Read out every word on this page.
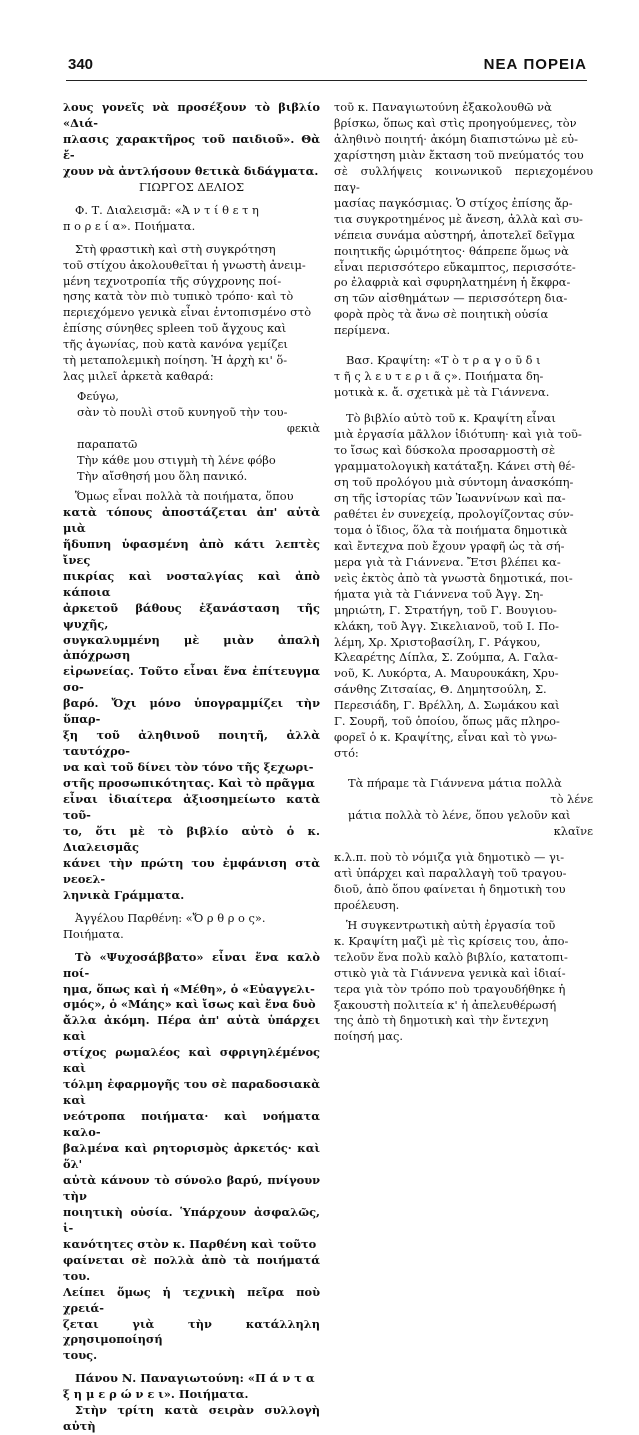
340	ΝΕΑ ΠΟΡΕΙΑ

λους γονεῖς νὰ προσέξουν τὸ βιβλίο «Διά-

πλασις χαρακτῆρος τοῦ παιδιοῦ». Θὰ ἔ-

χουν νὰ ἀντλήσουν θετικὰ διδάγματα.

ΓΙΩΡΓΟΣ ΔΕΛΙΟΣ

Φ. Τ. Διαλεισμᾶ: «Ἀ ν τ ί θ ε τ η

π ο ρ ε ί α». Ποιήματα.

Στὴ φραστικὴ καὶ στὴ συγκρότηση

τοῦ στίχου ἀκολουθεῖται ἡ γνωστὴ ἀνειμ-

μένη τεχνοτροπία τῆς σύγχρονης ποί-

ησης κατὰ τὸν πιὸ τυπικὸ τρόπο· καὶ τὸ

περιεχόμενο γενικὰ εἶναι ἐντοπισμένο στὸ

ἐπίσης σύνηθες spleen τοῦ ἄγχους καὶ

τῆς ἀγωνίας, ποὺ κατὰ κανόνα γεμίζει

τὴ μεταπολεμικὴ ποίηση. Ἡ ἀρχὴ κι' ὅ-

λας μιλεῖ ἀρκετὰ καθαρά:

Φεύγω,

σὰν τὸ πουλὶ στοῦ κυνηγοῦ τὴν του-

φεκιὰ

παραπατῶ

Τὴν κάθε μου στιγμὴ τὴ λένε φόβο

Τὴν αἴσθησή μου ὅλη πανικό.

Ὅμως εἶναι πολλὰ τὰ ποιήματα, ὅπου

κατὰ τόπους ἀποστάζεται ἀπ' αὐτὰ μιὰ

ἥδυπνη ὑφασμένη ἀπὸ κάτι λεπτὲς ἴνες

πικρίας καὶ νοσταλγίας καὶ ἀπὸ κάποια

ἀρκετοῦ βάθους ἐξανάσταση τῆς ψυχῆς,

συγκαλυμμένη μὲ μιὰν ἀπαλὴ ἀπόχρωση

εἰρωνείας. Τοῦτο εἶναι ἕνα ἐπίτευγμα σο-

βαρό. Ὄχι μόνο ὑπογραμμίζει τὴν ὕπαρ-

ξη τοῦ ἀληθινοῦ ποιητῆ, ἀλλὰ ταυτόχρο-

να καὶ τοῦ δίνει τὸν τόνο τῆς ξεχωρι-

στῆς προσωπικότητας. Καὶ τὸ πρᾶγμα

εἶναι ἰδιαίτερα ἀξιοσημείωτο κατὰ τοῦ-

το, ὅτι μὲ τὸ βιβλίο αὐτὸ ὁ κ. Διαλεισμᾶς

κάνει τὴν πρώτη του ἐμφάνιση στὰ νεοελ-

ληνικὰ Γράμματα.

Ἀγγέλου Παρθένη: «Ὄ ρ θ ρ ο ς».

Ποιήματα.

Τὸ «Ψυχοσάββατο» εἶναι ἕνα καλὸ ποί-

ημα, ὅπως καὶ ἡ «Μέθη», ὁ «Εὐαγγελι-

σμός», ὁ «Μάης» καὶ ἴσως καὶ ἕνα δυὸ

ἄλλα ἀκόμη. Πέρα ἀπ' αὐτὰ ὑπάρχει καὶ

στίχος ρωμαλέος καὶ σφριγηλέμένος καὶ

τόλμη ἐφαρμογῆς του σὲ παραδοσιακὰ καὶ

νεότροπα ποιήματα· καὶ νοήματα καλο-

βαλμένα καὶ ρητορισμὸς ἀρκετός· καὶ ὅλ'

αὐτὰ κάνουν τὸ σύνολο βαρύ, πνίγουν τὴν

ποιητικὴ οὐσία. Ὑπάρχουν ἀσφαλῶς, ἱ-

κανότητες στὸν κ. Παρθένη καὶ τοῦτο

φαίνεται σὲ πολλὰ ἀπὸ τὰ ποιήματά του.

Λείπει ὅμως ἡ τεχνικὴ πεῖρα ποὺ χρειά-

ζεται γιὰ τὴν κατάλληλη χρησιμοποίησή

τους.

Πάνου Ν. Παναγιωτούνη: «Π ά ν τ α

ξ η μ ε ρ ώ ν ε ι». Ποιήματα.

Στὴν τρίτη κατὰ σειρὰν συλλογὴ αὐτὴ

τοῦ κ. Παναγιωτούνη ἐξακολουθῶ νὰ

βρίσκω, ὅπως καὶ στὶς προηγούμενες, τὸν

ἀληθινὸ ποιητή· ἀκόμη διαπιστώνω μὲ εὐ-

χαρίστηση μιὰν ἔκταση τοῦ πνεύματός του

σὲ συλλήψεις κοινωνικοῦ περιεχομένου παγ-

μασίας παγκόσμιας. Ὁ στίχος ἐπίσης ἄρ-

τια συγκροτημένος μὲ ἄνεση, ἀλλὰ καὶ συ-

νέπεια συνάμα αὐστηρή, ἀποτελεῖ δεῖγμα

ποιητικῆς ὡριμότητος· θάπρεπε ὅμως νὰ

εἶναι περισσότερο εὔκαμπτος, περισσότε-

ρο ἐλαφριὰ καὶ σφυρηλατημένη ἡ ἔκφρα-

ση τῶν αἰσθημάτων — περισσότερη δια-

φορὰ πρὸς τὰ ἄνω σὲ ποιητικὴ οὐσία

περίμενα.

Βασ. Κραψίτη: «Τ ὸ τ ρ α γ ο ῦ δ ι

τ ῆ ς λ ε υ τ ε ρ ι ᾶ ς». Ποιήματα δη-

μοτικὰ κ. ἄ. σχετικὰ μὲ τὰ Γιάννενα.

Τὸ βιβλίο αὐτὸ τοῦ κ. Κραψίτη εἶναι

μιὰ ἐργασία μᾶλλον ἰδιότυπη· καὶ γιὰ τοῦ-

το ἴσως καὶ δύσκολα προσαρμοστὴ σὲ

γραμματολογικὴ κατάταξη. Κάνει στὴ θέ-

ση τοῦ προλόγου μιὰ σύντομη ἀνασκόπη-

ση τῆς ἱστορίας τῶν Ἰωαννίνων καὶ πα-

ραθέτει ἐν συνεχείᾳ, προλογίζοντας σύν-

τομα ὁ ἴδιος, ὅλα τὰ ποιήματα δημοτικὰ

καὶ ἔντεχνα ποὺ ἔχουν γραφῆ ὡς τὰ σή-

μερα γιὰ τὰ Γιάννενα. Ἔτσι βλέπει κα-

νεὶς ἐκτὸς ἀπὸ τὰ γνωστὰ δημοτικά, ποι-

ήματα γιὰ τὰ Γιάννενα τοῦ Ἀγγ. Ση-

μηριώτη, Γ. Στρατήγη, τοῦ Γ. Βουγιου-

κλάκη, τοῦ Ἀγγ. Σικελιανοῦ, τοῦ Ι. Πο-

λέμη, Χρ. Χριστοβασίλη, Γ. Ράγκου,

Κλεαρέτης Δίπλα, Σ. Ζούμπα, Α. Γαλα-

νοῦ, Κ. Λυκόρτα, Α. Μαυρουκάκη, Χρυ-

σάνθης Ζιτσαίας, Θ. Δημητσούλη, Σ.

Περεσιάδη, Γ. Βρέλλη, Δ. Σωμάκου καὶ

Γ. Σουρῆ, τοῦ ὁποίου, ὅπως μᾶς πληρο-

φορεῖ ὁ κ. Κραψίτης, εἶναι καὶ τὸ γνω-

στό:

Τὰ πήραμε τὰ Γιάννενα μάτια πολλὰ

τὸ λένε

μάτια πολλὰ τὸ λένε, ὅπου γελοῦν καὶ

κλαῖνε

κ.λ.π. ποὺ τὸ νόμιζα γιὰ δημοτικὸ — γι-

ατὶ ὑπάρχει καὶ παραλλαγὴ τοῦ τραγου-

διοῦ, ἀπὸ ὅπου φαίνεται ἡ δημοτικὴ του

προέλευση.

Ἡ συγκεντρωτικὴ αὐτὴ ἐργασία τοῦ

κ. Κραψίτη μαζὶ μὲ τὶς κρίσεις του, ἀπο-

τελοῦν ἕνα πολὺ καλὸ βιβλίο, κατατοπι-

στικὸ γιὰ τὰ Γιάννενα γενικὰ καὶ ἰδιαί-

τερα γιὰ τὸν τρόπο ποὺ τραγουδήθηκε ἡ

ξακουστὴ πολιτεία κ' ἡ ἀπελευθέρωσή

της ἀπὸ τὴ δημοτικὴ καὶ τὴν ἔντεχνη

ποίησή μας.
